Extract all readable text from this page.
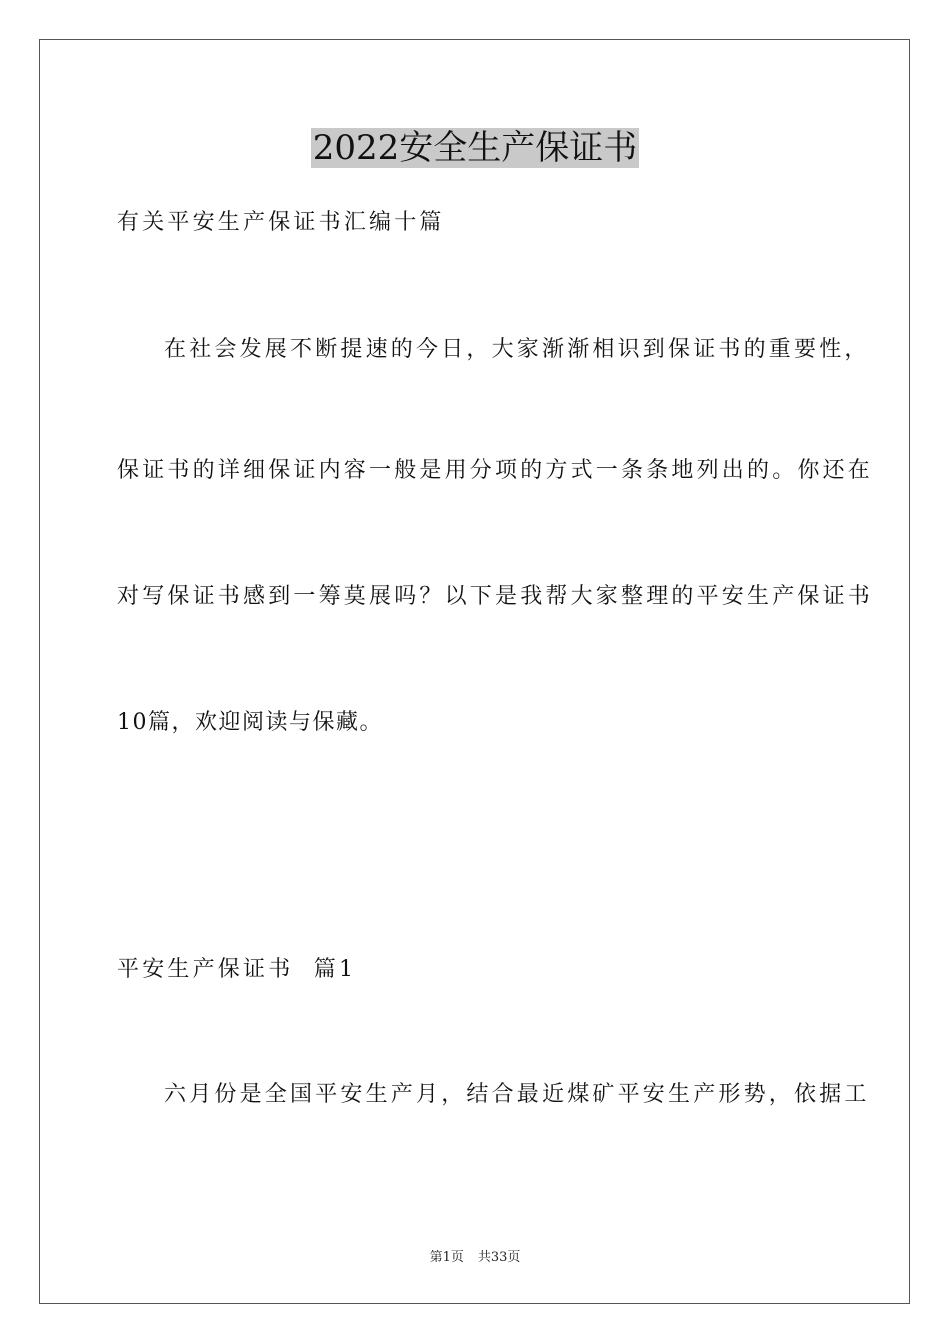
2022安全生产保证书
有关平安生产保证书汇编十篇
在社会发展不断提速的今日，大家渐渐相识到保证书的重要性，
保证书的详细保证内容一般是用分项的方式一条条地列出的。你还在
对写保证书感到一筹莫展吗？以下是我帮大家整理的平安生产保证书
10篇，欢迎阅读与保藏。
平安生产保证书  篇1
六月份是全国平安生产月，结合最近煤矿平安生产形势，依据工
第1页 共33页
